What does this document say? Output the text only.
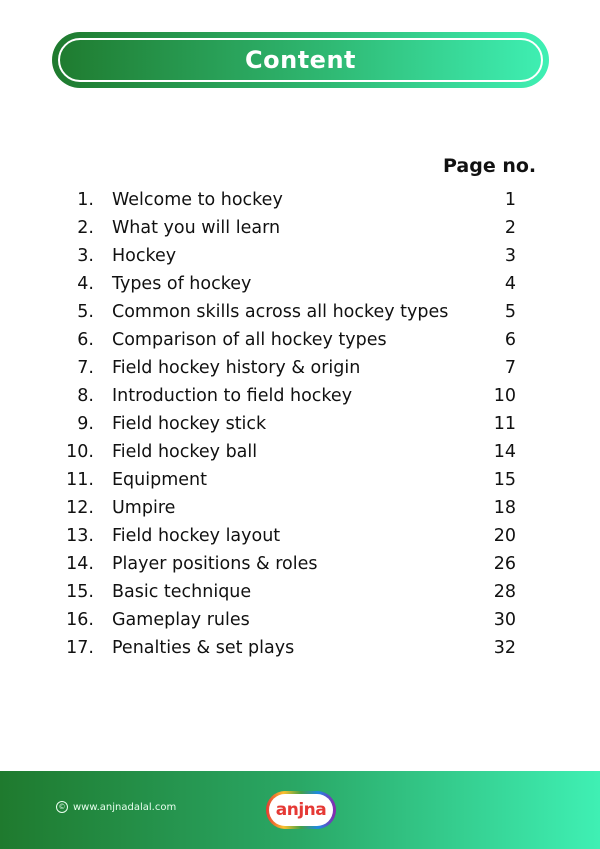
Content
Page no.
1. Welcome to hockey	1
2. What you will learn	2
3. Hockey	3
4. Types of hockey	4
5. Common skills across all hockey types	5
6. Comparison of all hockey types	6
7. Field hockey history & origin	7
8. Introduction to field hockey	10
9. Field hockey stick	11
10. Field hockey ball	14
11. Equipment	15
12. Umpire	18
13. Field hockey layout	20
14. Player positions & roles	26
15. Basic technique	28
16. Gameplay rules	30
17. Penalties & set plays	32
© www.anjnadalal.com	anjna
